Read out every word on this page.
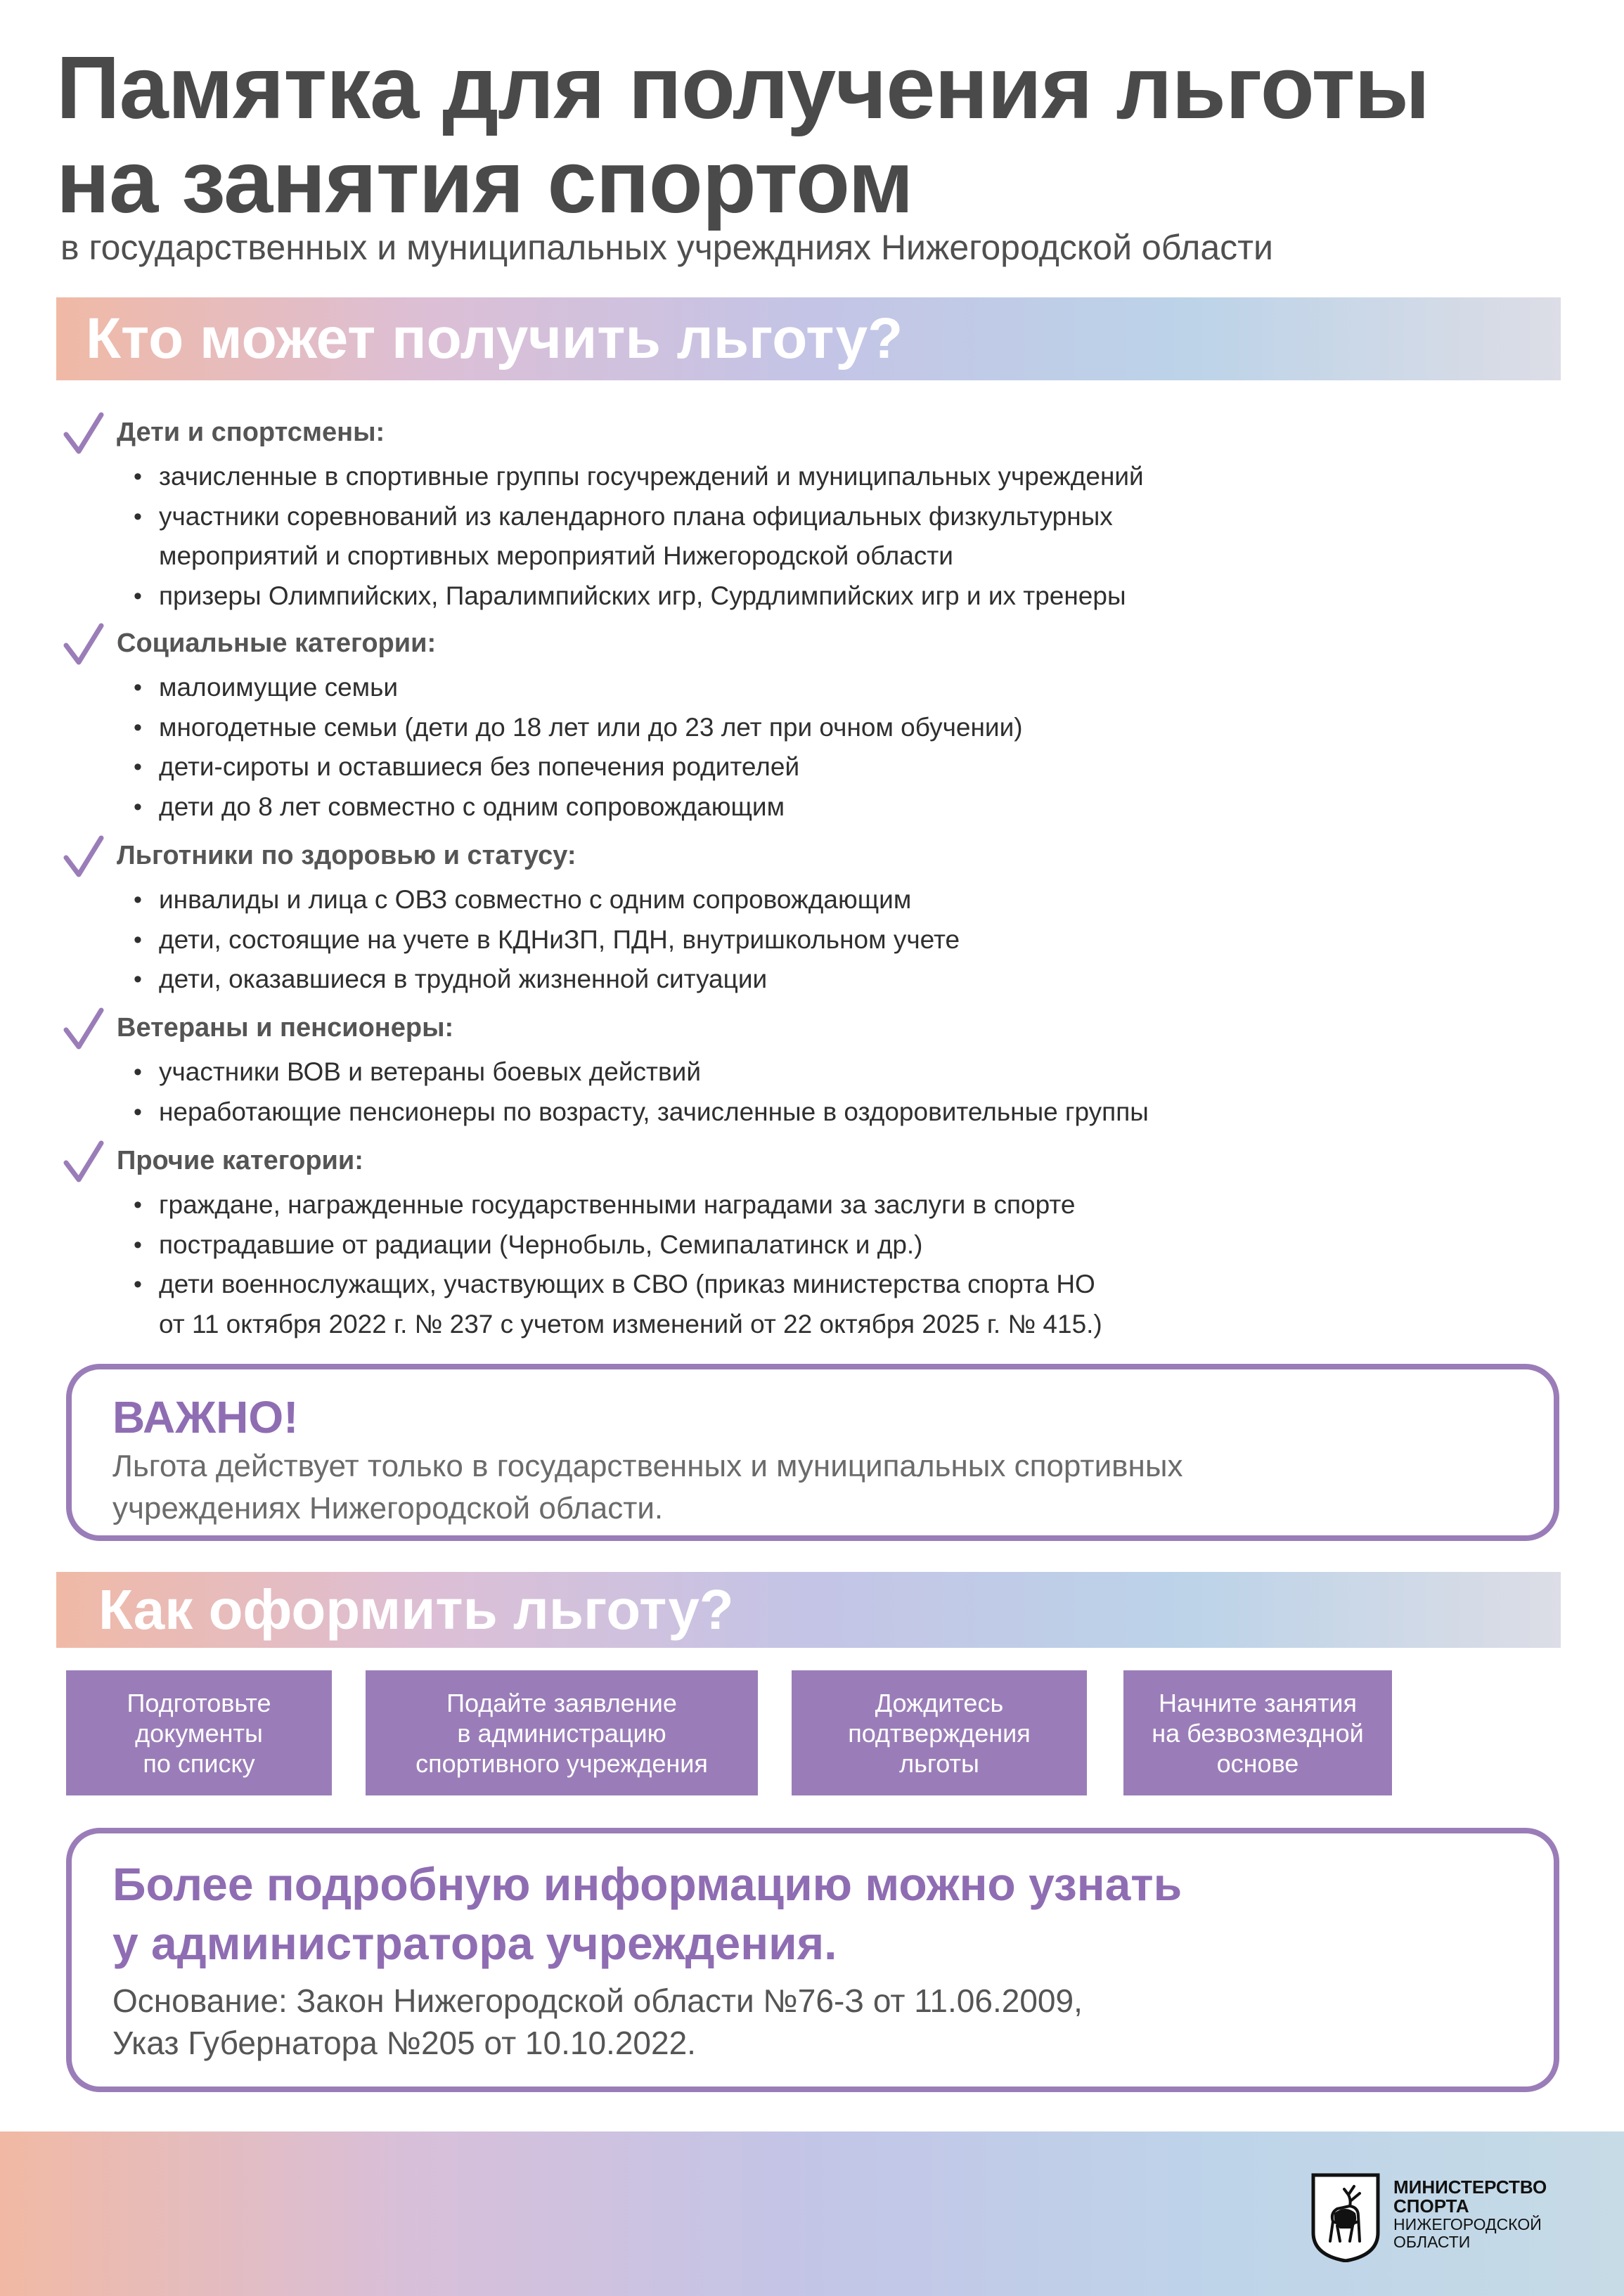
Памятка для получения льготы
на занятия спортом
в государственных и муниципальных учреждниях Нижегородской области
Кто может получить льготу?
Дети и спортсмены:
• зачисленные в спортивные группы госучреждений и муниципальных учреждений
• участники соревнований из календарного плана официальных физкультурных
мероприятий и спортивных мероприятий Нижегородской области
• призеры Олимпийских, Паралимпийских игр, Сурдлимпийских игр и их тренеры
Социальные категории:
• малоимущие семьи
• многодетные семьи (дети до 18 лет или до 23 лет при очном обучении)
• дети-сироты и оставшиеся без попечения родителей
• дети до 8 лет совместно с одним сопровождающим
Льготники по здоровью и статусу:
• инвалиды и лица с ОВЗ совместно с одним сопровождающим
• дети, состоящие на учете в КДНиЗП, ПДН, внутришкольном учете
• дети, оказавшиеся в трудной жизненной ситуации
Ветераны и пенсионеры:
• участники ВОВ и ветераны боевых действий
• неработающие пенсионеры по возрасту, зачисленные в оздоровительные группы
Прочие категории:
• граждане, награжденные государственными наградами за заслуги в спорте
• пострадавшие от радиации (Чернобыль, Семипалатинск и др.)
• дети военнослужащих, участвующих в СВО (приказ министерства спорта НО
от 11 октября 2022 г. № 237 с учетом изменений от 22 октября 2025 г. № 415.)
ВАЖНО!
Льгота действует только в государственных и муниципальных спортивных учреждениях Нижегородской области.
Как оформить льготу?
Подготовьте
документы
по списку
Подайте заявление
в администрацию
спортивного учреждения
Дождитесь
подтверждения
льготы
Начните занятия
на безвозмездной
основе
Более подробную информацию можно узнать
у администратора учреждения.
Основание: Закон Нижегородской области №76-З от 11.06.2009,
Указ Губернатора №205 от 10.10.2022.
МИНИСТЕРСТВО
СПОРТА
НИЖЕГОРОДСКОЙ
ОБЛАСТИ
